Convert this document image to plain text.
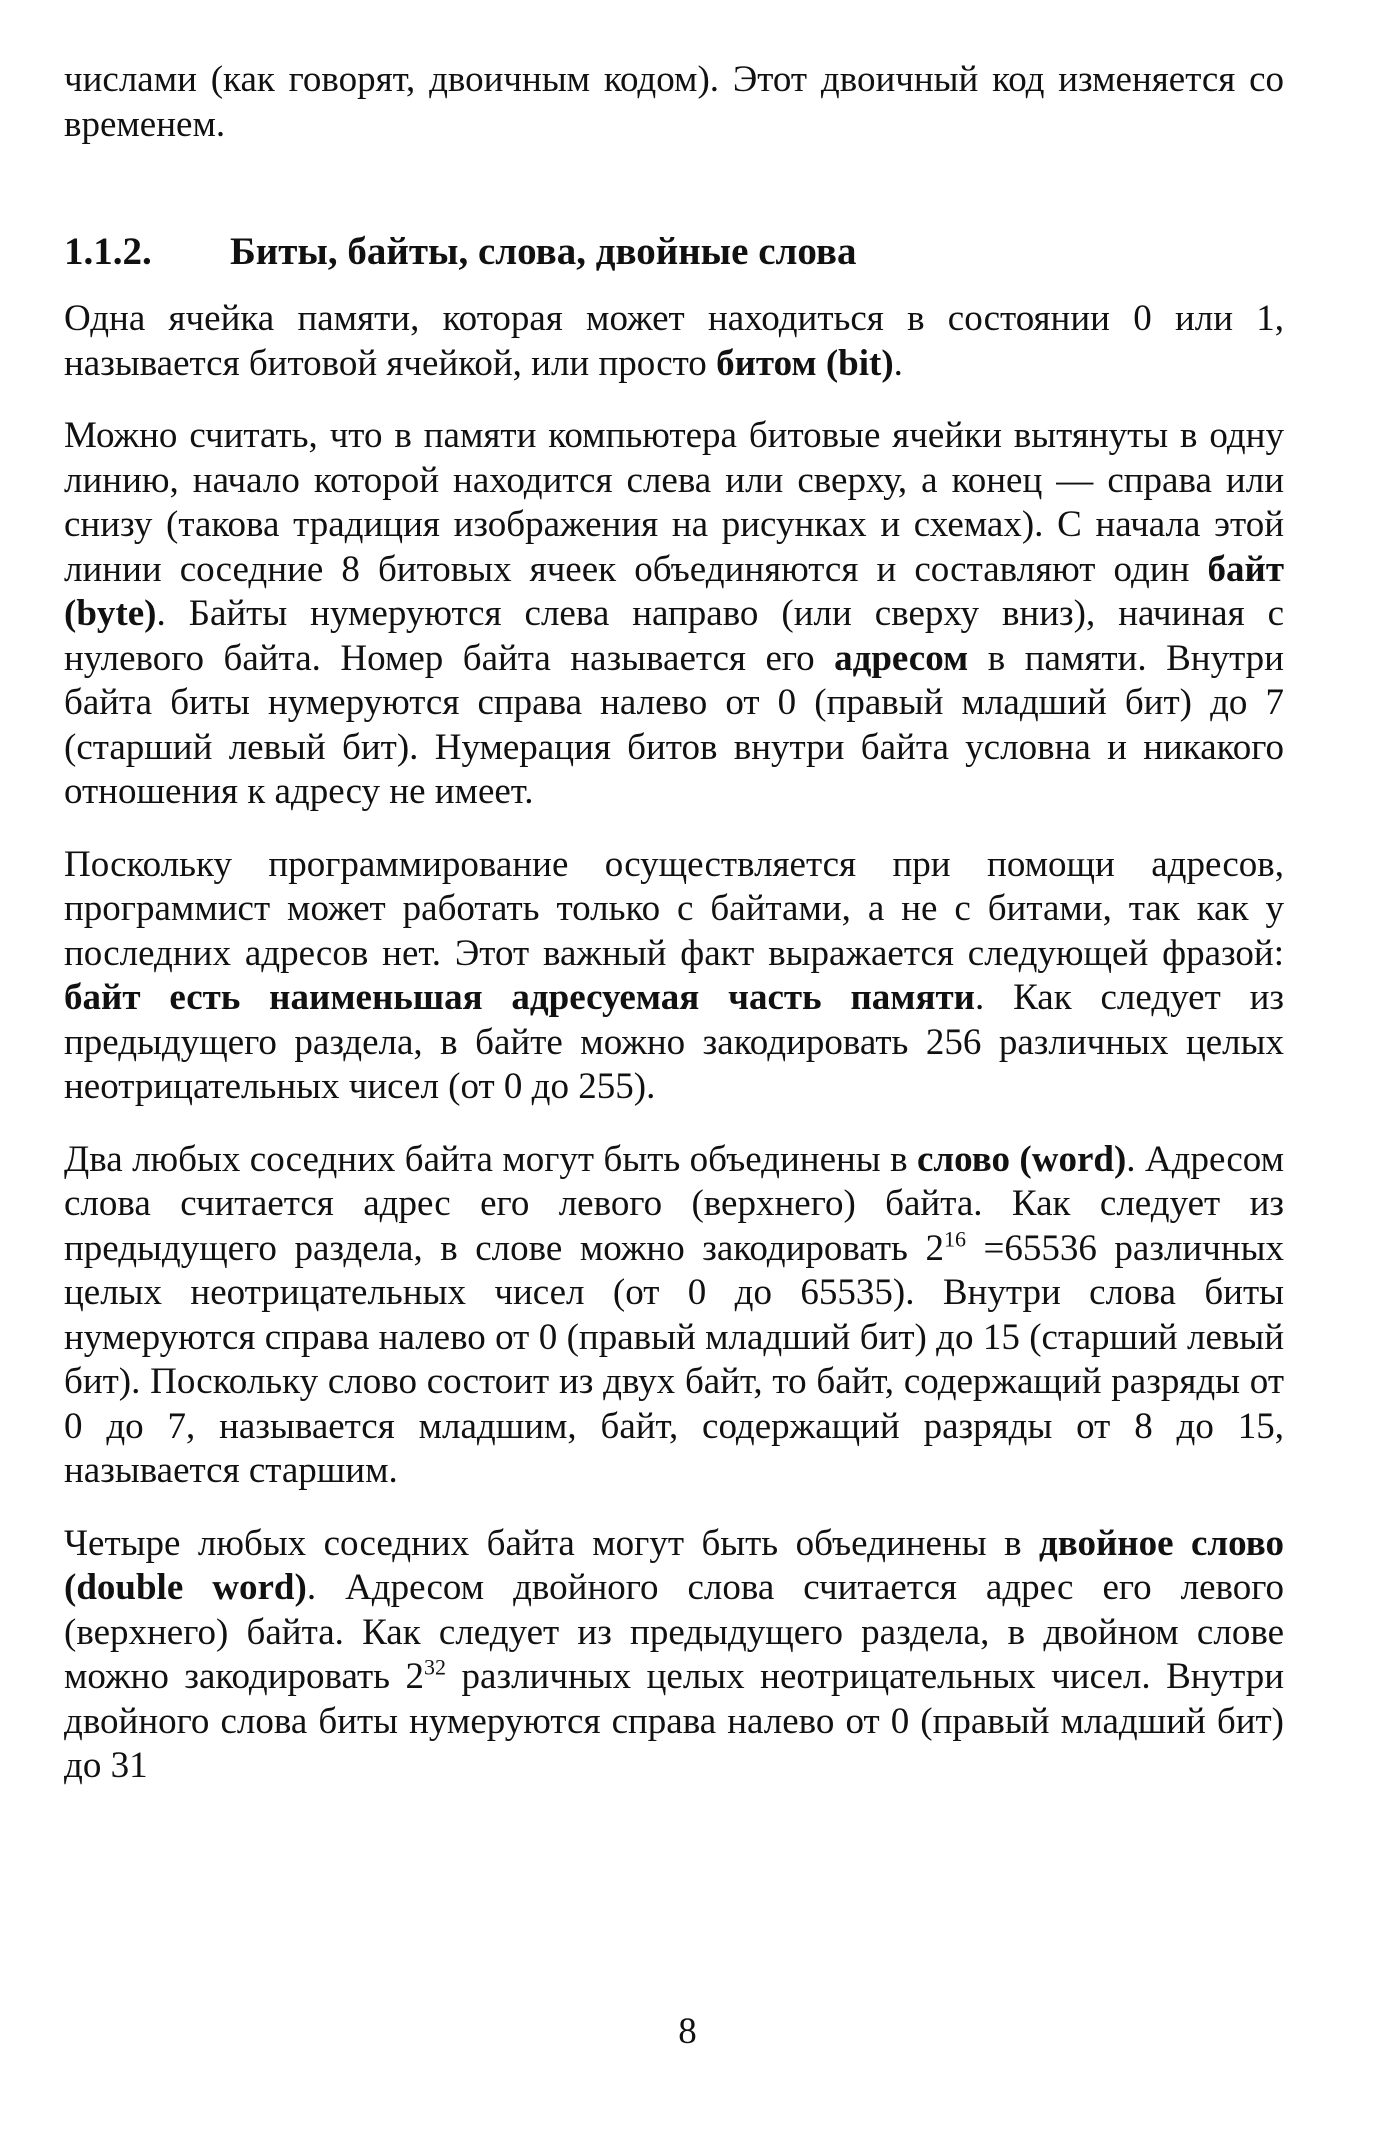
числами (как говорят, двоичным кодом). Этот двоичный код изменяется со временем.

1.1.2. Биты, байты, слова, двойные слова

Одна ячейка памяти, которая может находиться в состоянии 0 или 1, называется битовой ячейкой, или просто битом (bit).

Можно считать, что в памяти компьютера битовые ячейки вытянуты в одну линию, начало которой находится слева или сверху, а конец — справа или снизу (такова традиция изображения на рисунках и схемах). С начала этой линии соседние 8 битовых ячеек объединяются и составляют один байт (byte). Байты нумеруются слева направо (или сверху вниз), начиная с нулевого байта. Номер байта называется его адресом в памяти. Внутри байта биты нумеруются справа налево от 0 (правый младший бит) до 7 (старший левый бит). Нумерация битов внутри байта условна и никакого отношения к адресу не имеет.

Поскольку программирование осуществляется при помощи адресов, программист может работать только с байтами, а не с битами, так как у последних адресов нет. Этот важный факт выражается следующей фразой: байт есть наименьшая адресуемая часть памяти. Как следует из предыдущего раздела, в байте можно закодировать 256 различных целых неотрицательных чисел (от 0 до 255).

Два любых соседних байта могут быть объединены в слово (word). Адресом слова считается адрес его левого (верхнего) байта. Как следует из предыдущего раздела, в слове можно закодировать $2^{16} =65536$ различных целых неотрицательных чисел (от 0 до 65535). Внутри слова биты нумеруются справа налево от 0 (правый младший бит) до 15 (старший левый бит). Поскольку слово состоит из двух байт, то байт, содержащий разряды от 0 до 7, называется младшим, байт, содержащий разряды от 8 до 15, называется старшим.

Четыре любых соседних байта могут быть объединены в двойное слово (double word). Адресом двойного слова считается адрес его левого (верхнего) байта. Как следует из предыдущего раздела, в двойном слове можно закодировать $2^{32}$ различных целых неотрицательных чисел. Внутри двойного слова биты нумеруются справа налево от 0 (правый младший бит) до 31

8
